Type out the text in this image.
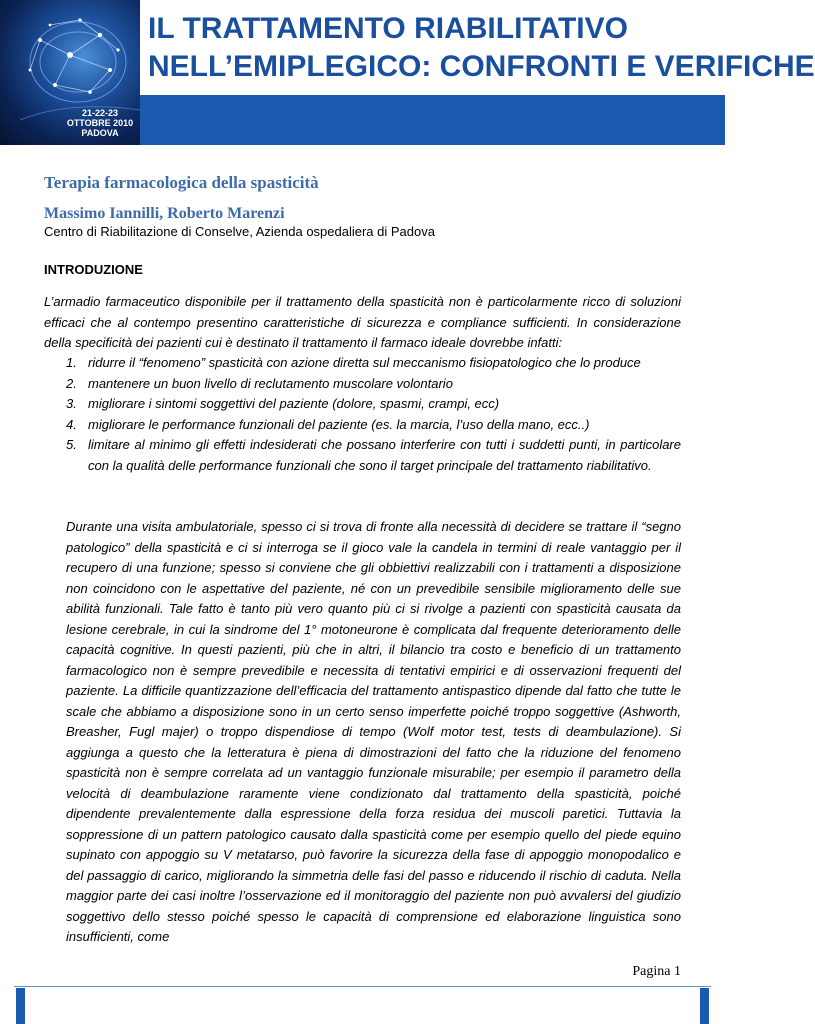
21-22-23
OTTOBRE 2010
PADOVA
IL TRATTAMENTO RIABILITATIVO
NELL’EMIPLEGICO: CONFRONTI E VERIFICHE
Terapia farmacologica della spasticità
Massimo Iannilli, Roberto Marenzi
Centro di Riabilitazione di Conselve, Azienda ospedaliera di Padova
INTRODUZIONE
L’armadio farmaceutico disponibile per il trattamento della spasticità non è particolarmente ricco di soluzioni efficaci che al contempo presentino caratteristiche di sicurezza e compliance sufficienti. In considerazione della specificità dei pazienti cui è destinato il trattamento il farmaco ideale dovrebbe infatti:
1. ridurre il “fenomeno” spasticità con azione diretta sul meccanismo fisiopatologico che lo produce
2. mantenere un buon livello di reclutamento muscolare volontario
3. migliorare i sintomi soggettivi del paziente (dolore, spasmi, crampi, ecc)
4. migliorare le performance funzionali del paziente (es. la marcia, l’uso della mano, ecc..)
5. limitare al minimo gli effetti indesiderati che possano interferire con tutti i suddetti punti, in particolare con la qualità delle performance funzionali che sono il target principale del trattamento riabilitativo.
Durante una visita ambulatoriale, spesso ci si trova di fronte alla necessità di decidere se trattare il “segno patologico” della spasticità e ci si interroga se il gioco vale la candela in termini di reale vantaggio per il recupero di una funzione; spesso si conviene che gli obbiettivi realizzabili con i trattamenti a disposizione non coincidono con le aspettative del paziente, né con un prevedibile sensibile miglioramento delle sue abilità funzionali. Tale fatto è tanto più vero quanto più ci si rivolge a pazienti con spasticità causata da lesione cerebrale, in cui la sindrome del 1° motoneurone è complicata dal frequente deterioramento delle capacità cognitive. In questi pazienti, più che in altri, il bilancio tra costo e beneficio di un trattamento farmacologico non è sempre prevedibile e necessita di tentativi empirici e di osservazioni frequenti del paziente. La difficile quantizzazione dell’efficacia del trattamento antispastico dipende dal fatto che tutte le scale che abbiamo a disposizione sono in un certo senso imperfette poiché troppo soggettive (Ashworth, Breasher, Fugl majer) o troppo dispendiose di tempo (Wolf motor test, tests di deambulazione). Si aggiunga a questo che la letteratura è piena di dimostrazioni del fatto che la riduzione del fenomeno spasticità non è sempre correlata ad un vantaggio funzionale misurabile; per esempio il parametro della velocità di deambulazione raramente viene condizionato dal trattamento della spasticità, poiché dipendente prevalentemente dalla espressione della forza residua dei muscoli paretici. Tuttavia la soppressione di un pattern patologico causato dalla spasticità come per esempio quello del piede equino supinato con appoggio su V metatarso, può favorire la sicurezza della fase di appoggio monopodalico e del passaggio di carico, migliorando la simmetria delle fasi del passo e riducendo il rischio di caduta. Nella maggior parte dei casi inoltre l’osservazione ed il monitoraggio del paziente non può avvalersi del giudizio soggettivo dello stesso poiché spesso le capacità di comprensione ed elaborazione linguistica sono insufficienti, come
Pagina 1
